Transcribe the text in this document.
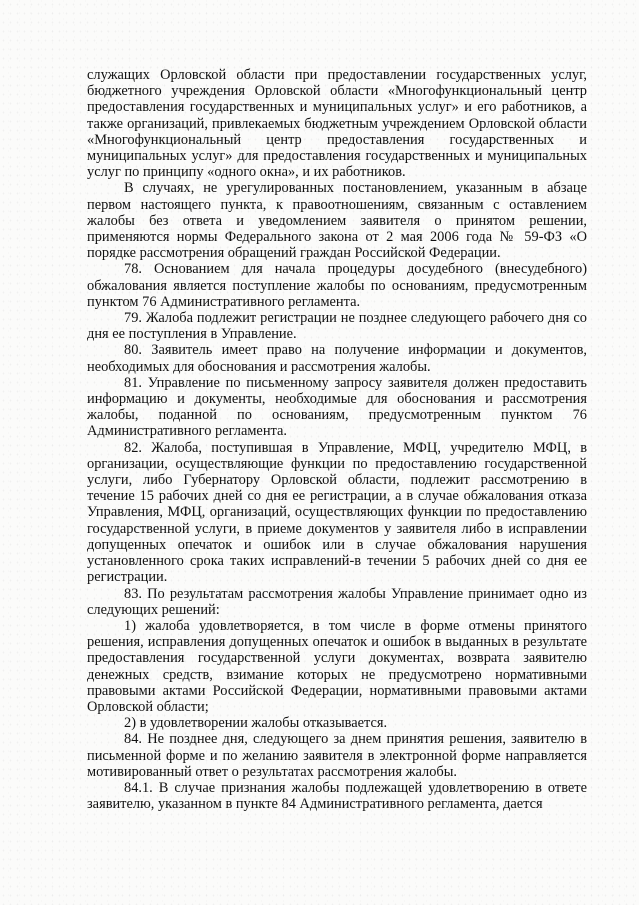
служащих Орловской области при предоставлении государственных услуг, бюджетного учреждения Орловской области «Многофункциональный центр предоставления государственных и муниципальных услуг» и его работников, а также организаций, привлекаемых бюджетным учреждением Орловской области «Многофункциональный центр предоставления государственных и муниципальных услуг» для предоставления государственных и муниципальных услуг по принципу «одного окна», и их работников.

В случаях, не урегулированных постановлением, указанным в абзаце первом настоящего пункта, к правоотношениям, связанным с оставлением жалобы без ответа и уведомлением заявителя о принятом решении, применяются нормы Федерального закона от 2 мая 2006 года № 59-ФЗ «О порядке рассмотрения обращений граждан Российской Федерации.

78. Основанием для начала процедуры досудебного (внесудебного) обжалования является поступление жалобы по основаниям, предусмотренным пунктом 76 Административного регламента.

79. Жалоба подлежит регистрации не позднее следующего рабочего дня со дня ее поступления в Управление.

80. Заявитель имеет право на получение информации и документов, необходимых для обоснования и рассмотрения жалобы.

81. Управление по письменному запросу заявителя должен предоставить информацию и документы, необходимые для обоснования и рассмотрения жалобы, поданной по основаниям, предусмотренным пунктом 76 Административного регламента.

82. Жалоба, поступившая в Управление, МФЦ, учредителю МФЦ, в организации, осуществляющие функции по предоставлению государственной услуги, либо Губернатору Орловской области, подлежит рассмотрению в течение 15 рабочих дней со дня ее регистрации, а в случае обжалования отказа Управления, МФЦ, организаций, осуществляющих функции по предоставлению государственной услуги, в приеме документов у заявителя либо в исправлении допущенных опечаток и ошибок или в случае обжалования нарушения установленного срока таких исправлений-в течении 5 рабочих дней со дня ее регистрации.

83. По результатам рассмотрения жалобы Управление принимает одно из следующих решений:

1) жалоба удовлетворяется, в том числе в форме отмены принятого решения, исправления допущенных опечаток и ошибок в выданных в результате предоставления государственной услуги документах, возврата заявителю денежных средств, взимание которых не предусмотрено нормативными правовыми актами Российской Федерации, нормативными правовыми актами Орловской области;

2) в удовлетворении жалобы отказывается.

84. Не позднее дня, следующего за днем принятия решения, заявителю в письменной форме и по желанию заявителя в электронной форме направляется мотивированный ответ о результатах рассмотрения жалобы.

84.1. В случае признания жалобы подлежащей удовлетворению в ответе заявителю, указанном в пункте 84 Административного регламента, дается
